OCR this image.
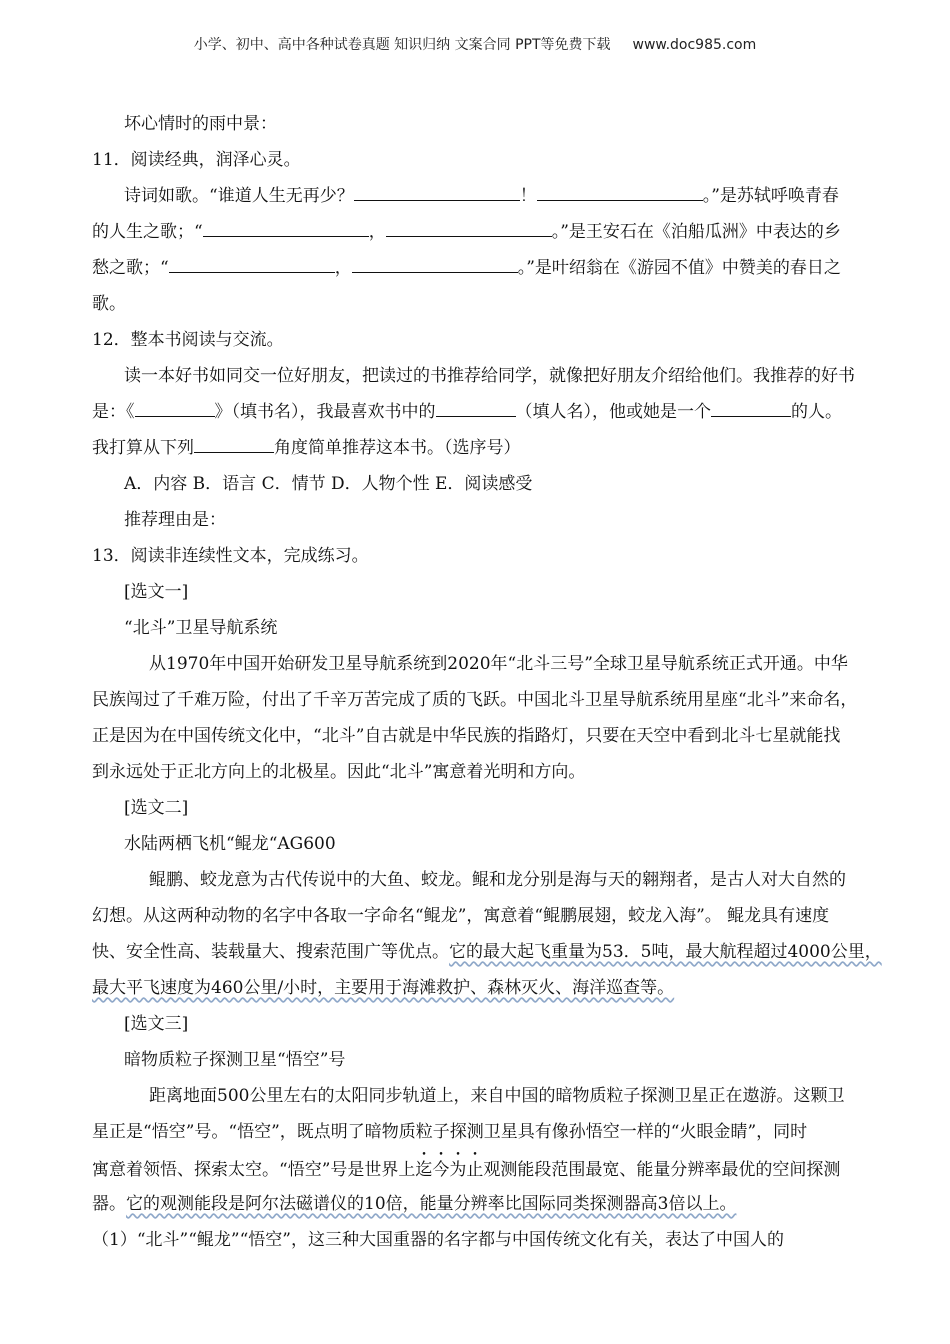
小学、初中、高中各种试卷真题 知识归纳 文案合同 PPT等免费下载 www.doc985.com
坏心情时的雨中景：
11．阅读经典，润泽心灵。
诗词如歌。“谁道人生无再少？	！	。”是苏轼呼唤青春
的人生之歌；“	，	。”是王安石在《泊船瓜洲》中表达的乡
愁之歌；“	，	。”是叶绍翁在《游园不值》中赞美的春日之
歌。
12．整本书阅读与交流。
读一本好书如同交一位好朋友，把读过的书推荐给同学，就像把好朋友介绍给他们。我推荐的好书
是：《	》（填书名），我最喜欢书中的	（填人名），他或她是一个	的人。
我打算从下列	角度简单推荐这本书。（选序号）
A．内容 B．语言 C．情节 D．人物个性 E．阅读感受
推荐理由是：
13．阅读非连续性文本，完成练习。
[选文一]
“北斗”卫星导航系统
从1970年中国开始研发卫星导航系统到2020年“北斗三号”全球卫星导航系统正式开通。中华
民族闯过了千难万险，付出了千辛万苦完成了质的飞跃。中国北斗卫星导航系统用星座“北斗”来命名，
正是因为在中国传统文化中，“北斗”自古就是中华民族的指路灯，只要在天空中看到北斗七星就能找
到永远处于正北方向上的北极星。因此“北斗”寓意着光明和方向。
[选文二]
水陆两栖飞机“鲲龙“AG600
鲲鹏、蛟龙意为古代传说中的大鱼、蛟龙。鲲和龙分别是海与天的翱翔者，是古人对大自然的
幻想。从这两种动物的名字中各取一字命名“鲲龙”，寓意着“鲲鹏展翅，蛟龙入海”。 鲲龙具有速度
快、安全性高、装载量大、搜索范围广等优点。它的最大起飞重量为53．5吨，最大航程超过4000公里，
最大平飞速度为460公里/小时，主要用于海滩救护、森林灭火、海洋巡查等。
[选文三]
暗物质粒子探测卫星“悟空”号
距离地面500公里左右的太阳同步轨道上，来自中国的暗物质粒子探测卫星正在遨游。这颗卫
星正是“悟空”号。“悟空”，既点明了暗物质粒子探测卫星具有像孙悟空一样的“火眼金睛”，同时
寓意着领悟、探索太空。“悟空”号是世界上迄今为止观测能段范围最宽、能量分辨率最优的空间探测
器。它的观测能段是阿尔法磁谱仪的10倍，能量分辨率比国际同类探测器高3倍以上。
（1）“北斗”“鲲龙”“悟空”，这三种大国重器的名字都与中国传统文化有关，表达了中国人的
